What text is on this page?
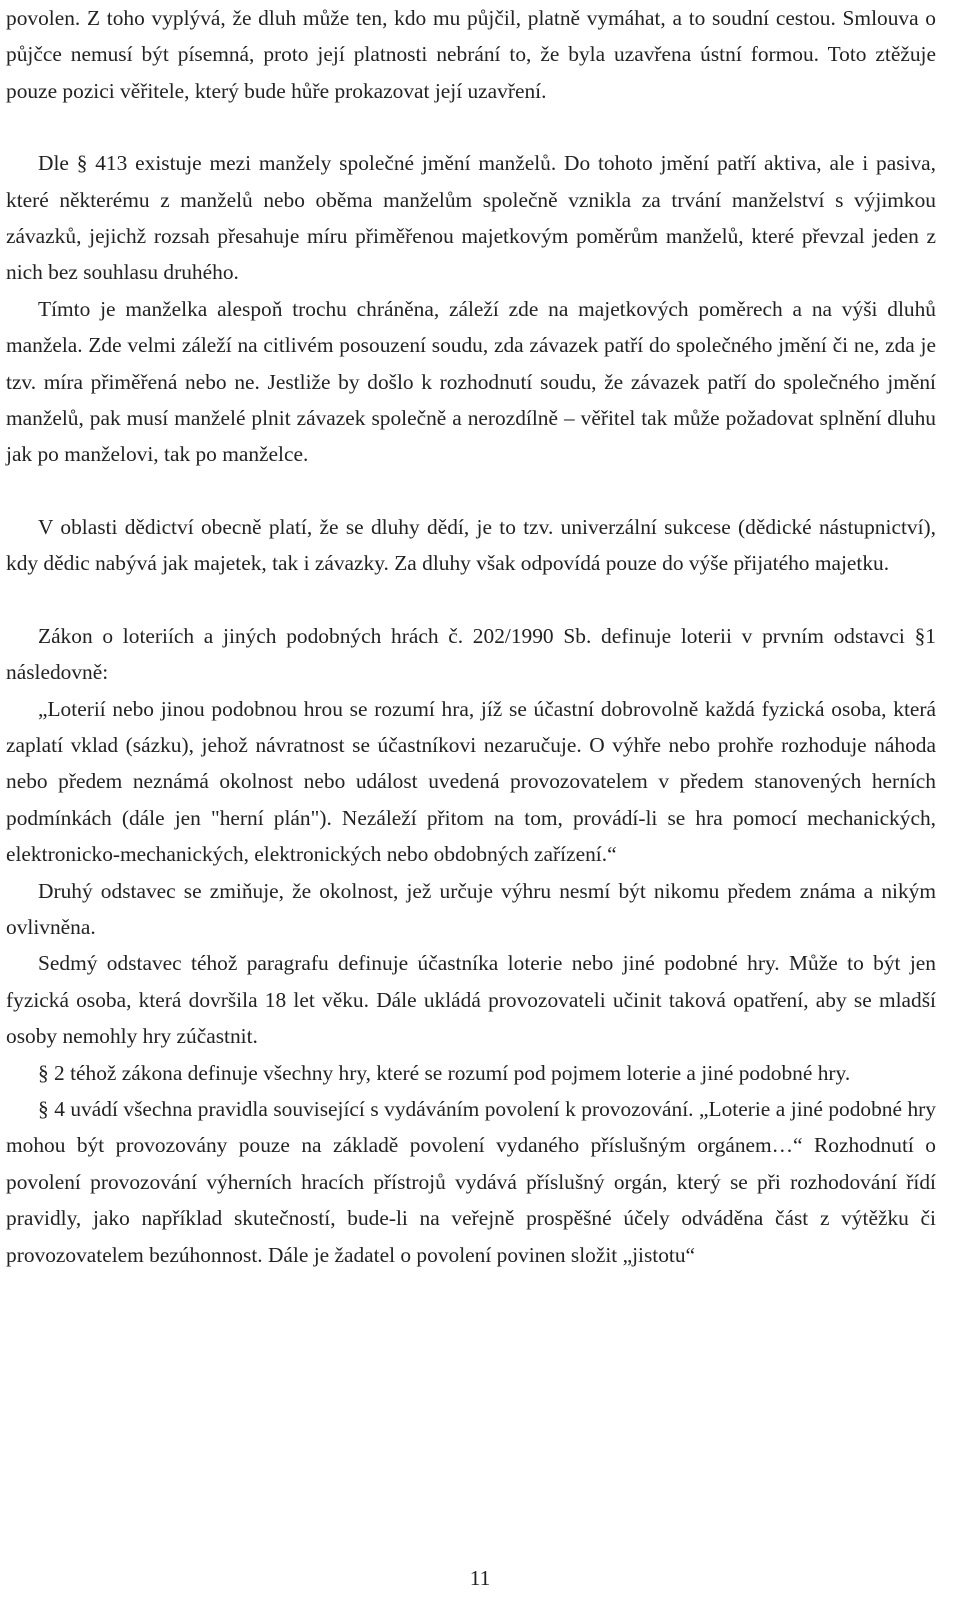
povolen. Z toho vyplývá, že dluh může ten, kdo mu půjčil, platně vymáhat, a to soudní cestou. Smlouva o půjčce nemusí být písemná, proto její platnosti nebrání to, že byla uzavřena ústní formou. Toto ztěžuje pouze pozici věřitele, který bude hůře prokazovat její uzavření.

Dle § 413 existuje mezi manžely společné jmění manželů. Do tohoto jmění patří aktiva, ale i pasiva, které některému z manželů nebo oběma manželům společně vznikla za trvání manželství s výjimkou závazků, jejichž rozsah přesahuje míru přiměřenou majetkovým poměrům manželů, které převzal jeden z nich bez souhlasu druhého.

Tímto je manželka alespoň trochu chráněna, záleží zde na majetkových poměrech a na výši dluhů manžela. Zde velmi záleží na citlivém posouzení soudu, zda závazek patří do společného jmění či ne, zda je tzv. míra přiměřená nebo ne. Jestliže by došlo k rozhodnutí soudu, že závazek patří do společného jmění manželů, pak musí manželé plnit závazek společně a nerozdílně – věřitel tak může požadovat splnění dluhu jak po manželovi, tak po manželce.

V oblasti dědictví obecně platí, že se dluhy dědí, je to tzv. univerzální sukcese (dědické nástupnictví), kdy dědic nabývá jak majetek, tak i závazky. Za dluhy však odpovídá pouze do výše přijatého majetku.

Zákon o loteriích a jiných podobných hrách č. 202/1990 Sb. definuje loterii v prvním odstavci §1 následovně:

„Loterií nebo jinou podobnou hrou se rozumí hra, jíž se účastní dobrovolně každá fyzická osoba, která zaplatí vklad (sázku), jehož návratnost se účastníkovi nezaručuje. O výhře nebo prohře rozhoduje náhoda nebo předem neznámá okolnost nebo událost uvedená provozovatelem v předem stanovených herních podmínkách (dále jen "herní plán"). Nezáleží přitom na tom, provádí-li se hra pomocí mechanických, elektronicko-mechanických, elektronických nebo obdobných zařízení.“

Druhý odstavec se zmiňuje, že okolnost, jež určuje výhru nesmí být nikomu předem známa a nikým ovlivněna.

Sedmý odstavec téhož paragrafu definuje účastníka loterie nebo jiné podobné hry. Může to být jen fyzická osoba, která dovršila 18 let věku. Dále ukládá provozovateli učinit taková opatření, aby se mladší osoby nemohly hry zúčastnit.

§ 2 téhož zákona definuje všechny hry, které se rozumí pod pojmem loterie a jiné podobné hry.

§ 4 uvádí všechna pravidla související s vydáváním povolení k provozování. „Loterie a jiné podobné hry mohou být provozovány pouze na základě povolení vydaného příslušným orgánem…“ Rozhodnutí o povolení provozování výherních hracích přístrojů vydává příslušný orgán, který se při rozhodování řídí pravidly, jako například skutečností, bude-li na veřejně prospěšné účely odváděna část z výtěžku či provozovatelem bezúhonnost. Dále je žadatel o povolení povinen složit „jistotu“

11
